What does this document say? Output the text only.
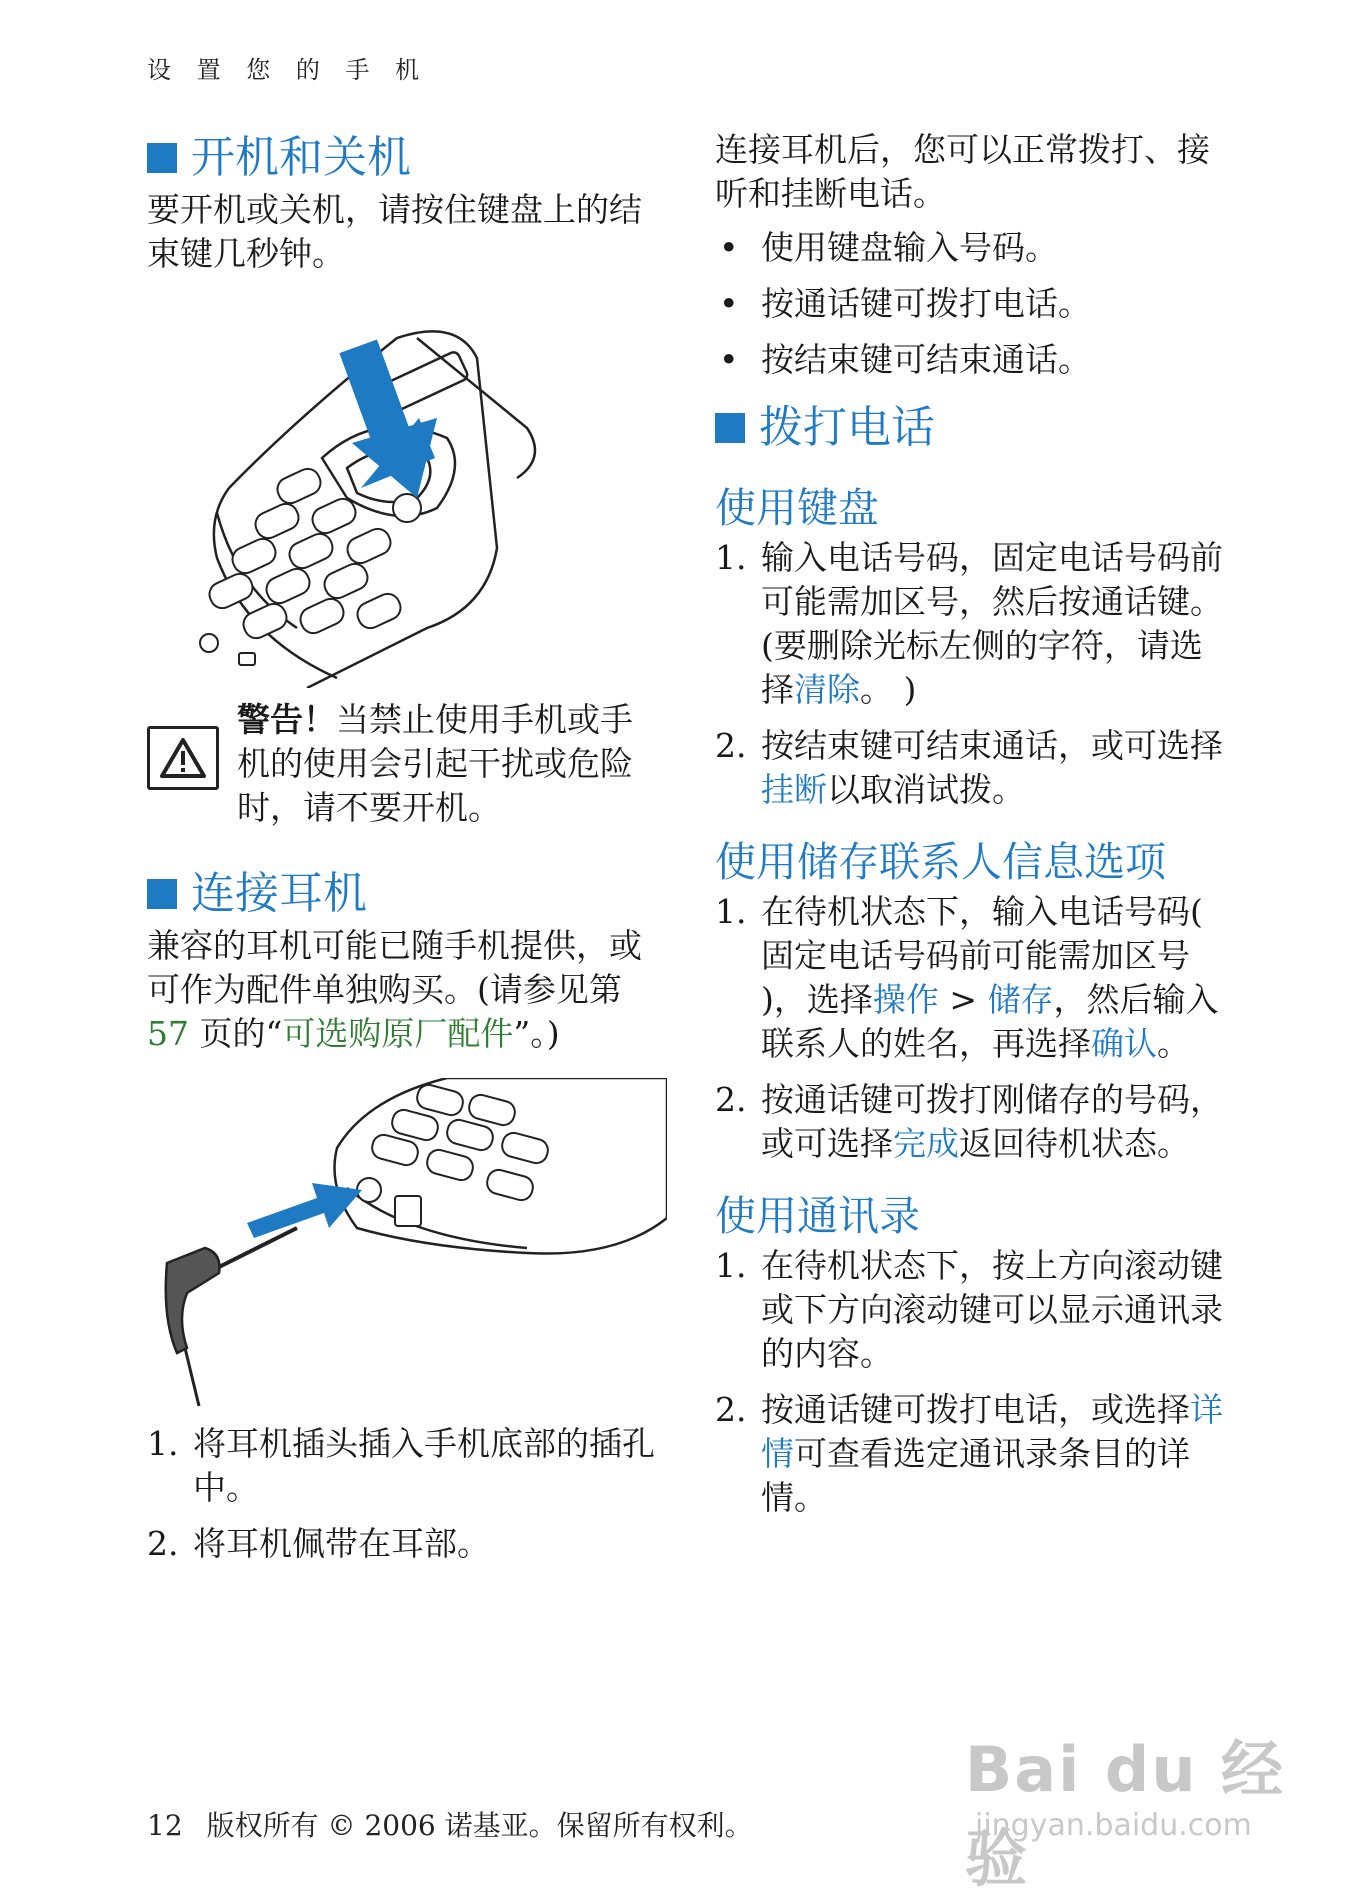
设 置 您 的 手 机
开机和关机

要开机或关机，请按住键盘上的结束键几秒钟。

警告！当禁止使用手机或手机的使用会引起干扰或危险时，请不要开机。

连接耳机

兼容的耳机可能已随手机提供，或可作为配件单独购买。(请参见第 57 页的“可选购原厂配件”。)

1. 将耳机插头插入手机底部的插孔中。
2. 将耳机佩带在耳部。

连接耳机后，您可以正常拨打、接听和挂断电话。

• 使用键盘输入号码。
• 按通话键可拨打电话。
• 按结束键可结束通话。
拨打电话
使用键盘
1. 输入电话号码，固定电话号码前可能需加区号，然后按通话键。(要删除光标左侧的字符，请选择清除。 )
2. 按结束键可结束通话，或可选择挂断以取消试拨。
使用储存联系人信息选项
1. 在待机状态下，输入电话号码( 固定电话号码前可能需加区号 )，选择操作 > 储存，然后输入联系人的姓名，再选择确认。
2. 按通话键可拨打刚储存的号码，或可选择完成返回待机状态。
使用通讯录
1. 在待机状态下，按上方向滚动键或下方向滚动键可以显示通讯录的内容。
2. 按通话键可拨打电话，或选择详情可查看选定通讯录条目的详情。
12 版权所有 © 2006 诺基亚。保留所有权利。
Bai du 经验
jingyan.baidu.com
